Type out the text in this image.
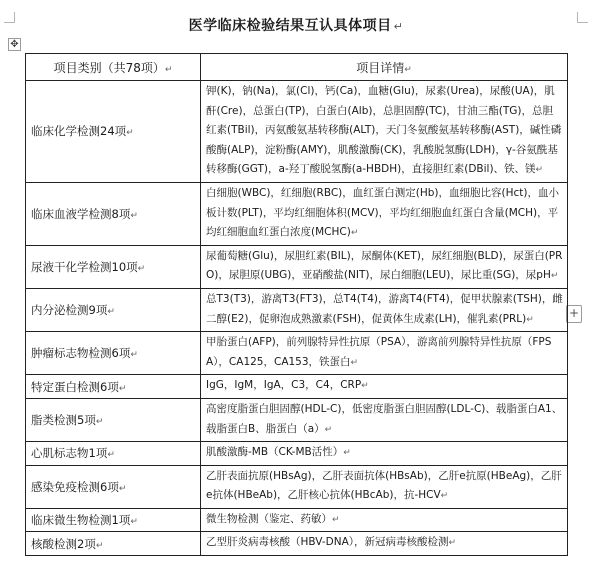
医学临床检验结果互认具体项目 ↵
✥
+
项目类别（共78项）↵	项目详情↵
临床化学检测24项↵	钾(K)，钠(Na)，氯(Cl)，钙(Ca)，血糖(Glu)，尿素(Urea)，尿酸(UA)，肌酐(Cre)，总蛋白(TP)，白蛋白(Alb)，总胆固醇(TC)，甘油三酯(TG)，总胆红素(TBil)，丙氨酸氨基转移酶(ALT)，天门冬氨酸氨基转移酶(AST)，碱性磷酸酶(ALP)，淀粉酶(AMY)，肌酸激酶(CK)，乳酸脱氢酶(LDH)，γ-谷氨酰基转移酶(GGT)，a-羟丁酸脱氢酶(a-HBDH)，直接胆红素(DBil)、铁、镁↵
临床血液学检测8项↵	白细胞(WBC)，红细胞(RBC)，血红蛋白测定(Hb)，血细胞比容(Hct)，血小板计数(PLT)，平均红细胞体积(MCV)，平均红细胞血红蛋白含量(MCH)，平均红细胞血红蛋白浓度(MCHC)↵
尿液干化学检测10项↵	尿葡萄糖(Glu)，尿胆红素(BIL)，尿酮体(KET)，尿红细胞(BLD)，尿蛋白(PRO)，尿胆原(UBG)，亚硝酸盐(NIT)，尿白细胞(LEU)，尿比重(SG)，尿pH↵
内分泌检测9项↵	总T3(T3)，游离T3(FT3)，总T4(T4)，游离T4(FT4)，促甲状腺素(TSH)，雌二醇(E2)，促卵泡成熟激素(FSH)，促黄体生成素(LH)，催乳素(PRL)↵
肿瘤标志物检测6项↵	甲胎蛋白(AFP)，前列腺特异性抗原（PSA），游离前列腺特异性抗原（FPSA），CA125，CA153，铁蛋白↵
特定蛋白检测6项↵	IgG，IgM，IgA，C3，C4，CRP↵
脂类检测5项↵	高密度脂蛋白胆固醇(HDL-C)，低密度脂蛋白胆固醇(LDL-C)、载脂蛋白A1、载脂蛋白B、脂蛋白（a）↵
心肌标志物1项↵	肌酸激酶-MB（CK-MB活性）↵
感染免疫检测6项↵	乙肝表面抗原(HBsAg)，乙肝表面抗体(HBsAb)，乙肝e抗原(HBeAg)，乙肝e抗体(HBeAb)，乙肝核心抗体(HBcAb)，抗-HCV↵
临床微生物检测1项↵	微生物检测（鉴定、药敏）↵
核酸检测2项↵	乙型肝炎病毒核酸（HBV-DNA），新冠病毒核酸检测↵
